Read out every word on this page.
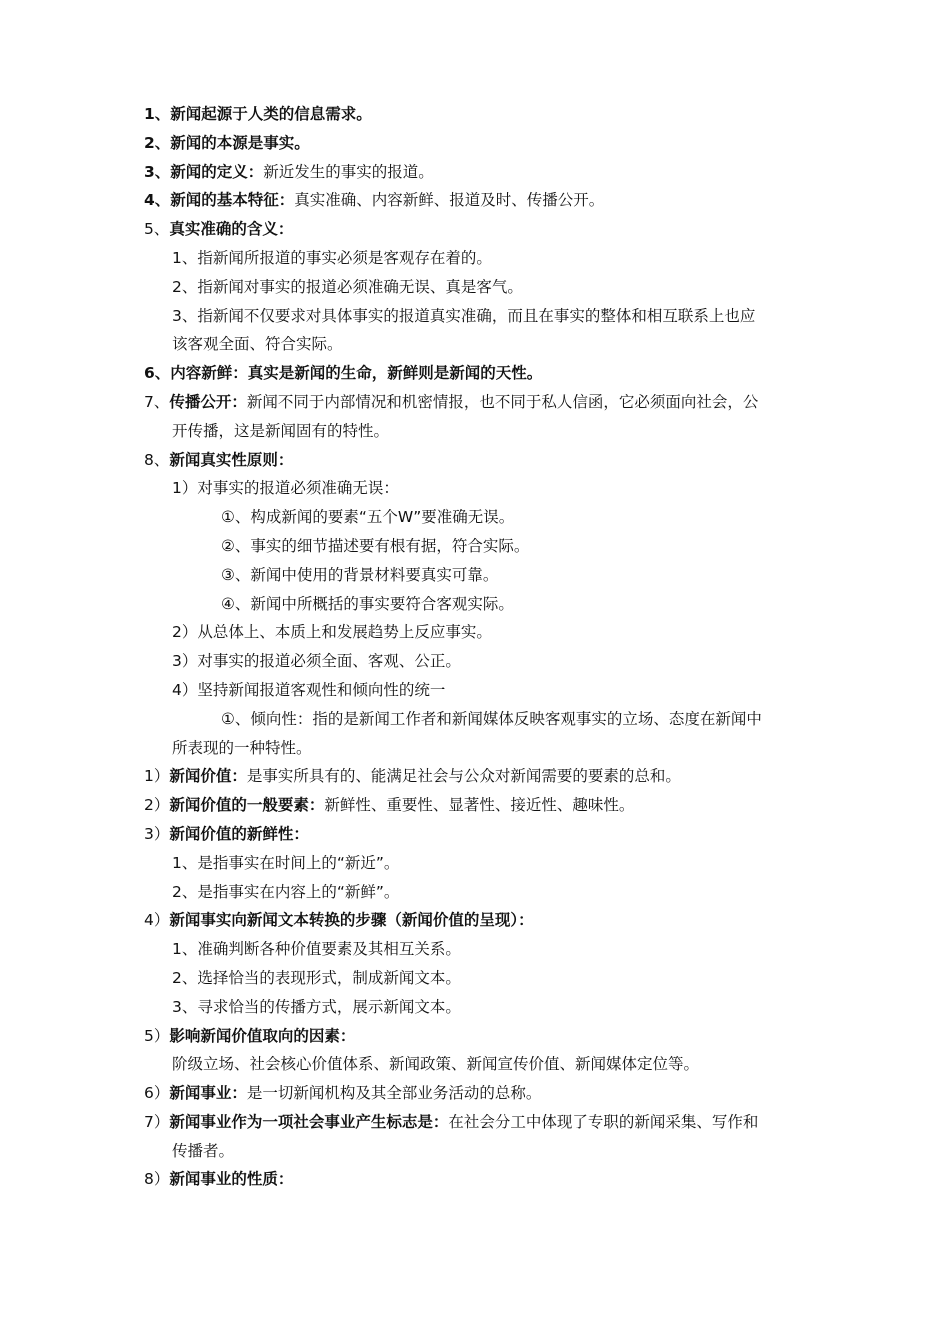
1、新闻起源于人类的信息需求。
2、新闻的本源是事实。
3、新闻的定义：新近发生的事实的报道。
4、新闻的基本特征：真实准确、内容新鲜、报道及时、传播公开。
5、真实准确的含义：
1、指新闻所报道的事实必须是客观存在着的。
2、指新闻对事实的报道必须准确无误、真是客气。
3、指新闻不仅要求对具体事实的报道真实准确，而且在事实的整体和相互联系上也应
该客观全面、符合实际。
6、内容新鲜：真实是新闻的生命，新鲜则是新闻的天性。
7、传播公开：新闻不同于内部情况和机密情报，也不同于私人信函，它必须面向社会，公
开传播，这是新闻固有的特性。
8、新闻真实性原则：
1）对事实的报道必须准确无误：
①、构成新闻的要素“五个W”要准确无误。
②、事实的细节描述要有根有据，符合实际。
③、新闻中使用的背景材料要真实可靠。
④、新闻中所概括的事实要符合客观实际。
2）从总体上、本质上和发展趋势上反应事实。
3）对事实的报道必须全面、客观、公正。
4）坚持新闻报道客观性和倾向性的统一
①、倾向性：指的是新闻工作者和新闻媒体反映客观事实的立场、态度在新闻中
所表现的一种特性。
1）新闻价值：是事实所具有的、能满足社会与公众对新闻需要的要素的总和。
2）新闻价值的一般要素：新鲜性、重要性、显著性、接近性、趣味性。
3）新闻价值的新鲜性：
1、是指事实在时间上的“新近”。
2、是指事实在内容上的“新鲜”。
4）新闻事实向新闻文本转换的步骤（新闻价值的呈现）：
1、准确判断各种价值要素及其相互关系。
2、选择恰当的表现形式，制成新闻文本。
3、寻求恰当的传播方式，展示新闻文本。
5）影响新闻价值取向的因素：
阶级立场、社会核心价值体系、新闻政策、新闻宣传价值、新闻媒体定位等。
6）新闻事业：是一切新闻机构及其全部业务活动的总称。
7）新闻事业作为一项社会事业产生标志是：在社会分工中体现了专职的新闻采集、写作和
传播者。
8）新闻事业的性质：
